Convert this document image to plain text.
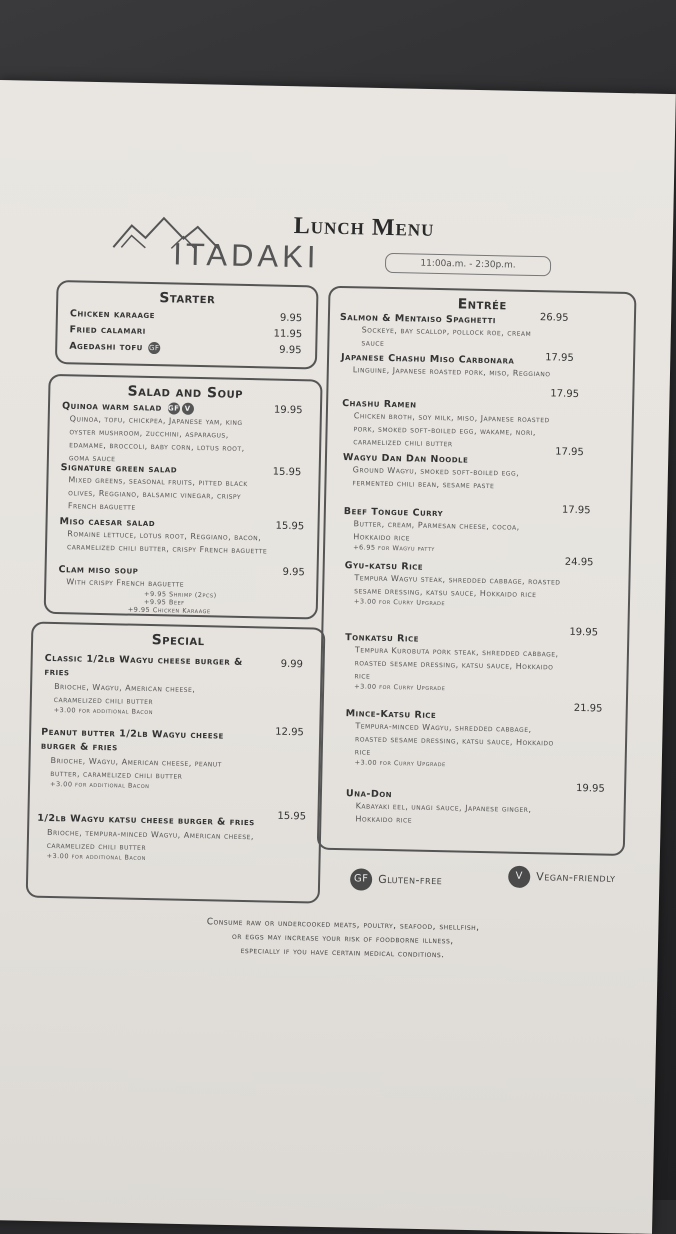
ITADAKI
Lunch Menu
11:00a.m. - 2:30p.m.
Starter
Chicken karaage	9.95
Fried calamari	11.95
Agedashi tofu GF	9.95
Salad and Soup
Quinoa warm salad GF V
Quinoa, tofu, chickpea, Japanese yam, king oyster mushroom, zucchini, asparagus, edamame, broccoli, baby corn, lotus root, goma sauce
19.95
Signature green salad
Mixed greens, seasonal fruits, pitted black olives, Reggiano, balsamic vinegar, crispy French baguette
15.95
Miso caesar salad
Romaine lettuce, lotus root, Reggiano, bacon, caramelized chili butter, crispy French baguette
15.95
Clam miso soup
With crispy French baguette
+9.95 Shrimp (2pcs)
+9.95 Beef
+9.95 Chicken Karaage
9.95
Special
Classic 1/2lb Wagyu cheese burger & fries
Brioche, Wagyu, American cheese, caramelized chili butter
+3.00 for additional Bacon
9.99
Peanut butter 1/2lb Wagyu cheese burger & fries
Brioche, Wagyu, American cheese, peanut butter, caramelized chili butter
+3.00 for additional Bacon
12.95
1/2lb Wagyu katsu cheese burger & fries
Brioche, tempura-minced Wagyu, American cheese, caramelized chili butter
+3.00 for additional Bacon
15.95
Entrée
Salmon & Mentaiso Spaghetti
Sockeye, bay scallop, pollock roe, cream sauce
26.95
Japanese Chashu Miso Carbonara
Linguine, Japanese roasted pork, miso, Reggiano
17.95
Chashu Ramen
Chicken broth, soy milk, miso, Japanese roasted pork, smoked soft-boiled egg, wakame, nori, caramelized chili butter
17.95
Wagyu Dan Dan Noodle
Ground Wagyu, smoked soft-boiled egg, fermented chili bean, sesame paste
17.95
Beef Tongue Curry
Butter, cream, Parmesan cheese, cocoa, Hokkaido rice
+6.95 for Wagyu patty
17.95
Gyu-katsu Rice
Tempura Wagyu steak, shredded cabbage, roasted sesame dressing, katsu sauce, Hokkaido rice
+3.00 for Curry Upgrade
24.95
Tonkatsu Rice
Tempura Kurobuta pork steak, shredded cabbage, roasted sesame dressing, katsu sauce, Hokkaido rice
+3.00 for Curry Upgrade
19.95
Mince-Katsu Rice
Tempura-minced Wagyu, shredded cabbage, roasted sesame dressing, katsu sauce, Hokkaido rice
+3.00 for Curry Upgrade
21.95
Una-Don
Kabayaki eel, unagi sauce, Japanese ginger, Hokkaido rice
19.95
GF Gluten-free	V Vegan-friendly
Consume raw or undercooked meats, poultry, seafood, shellfish,
or eggs may increase your risk of foodborne illness,
especially if you have certain medical conditions.
